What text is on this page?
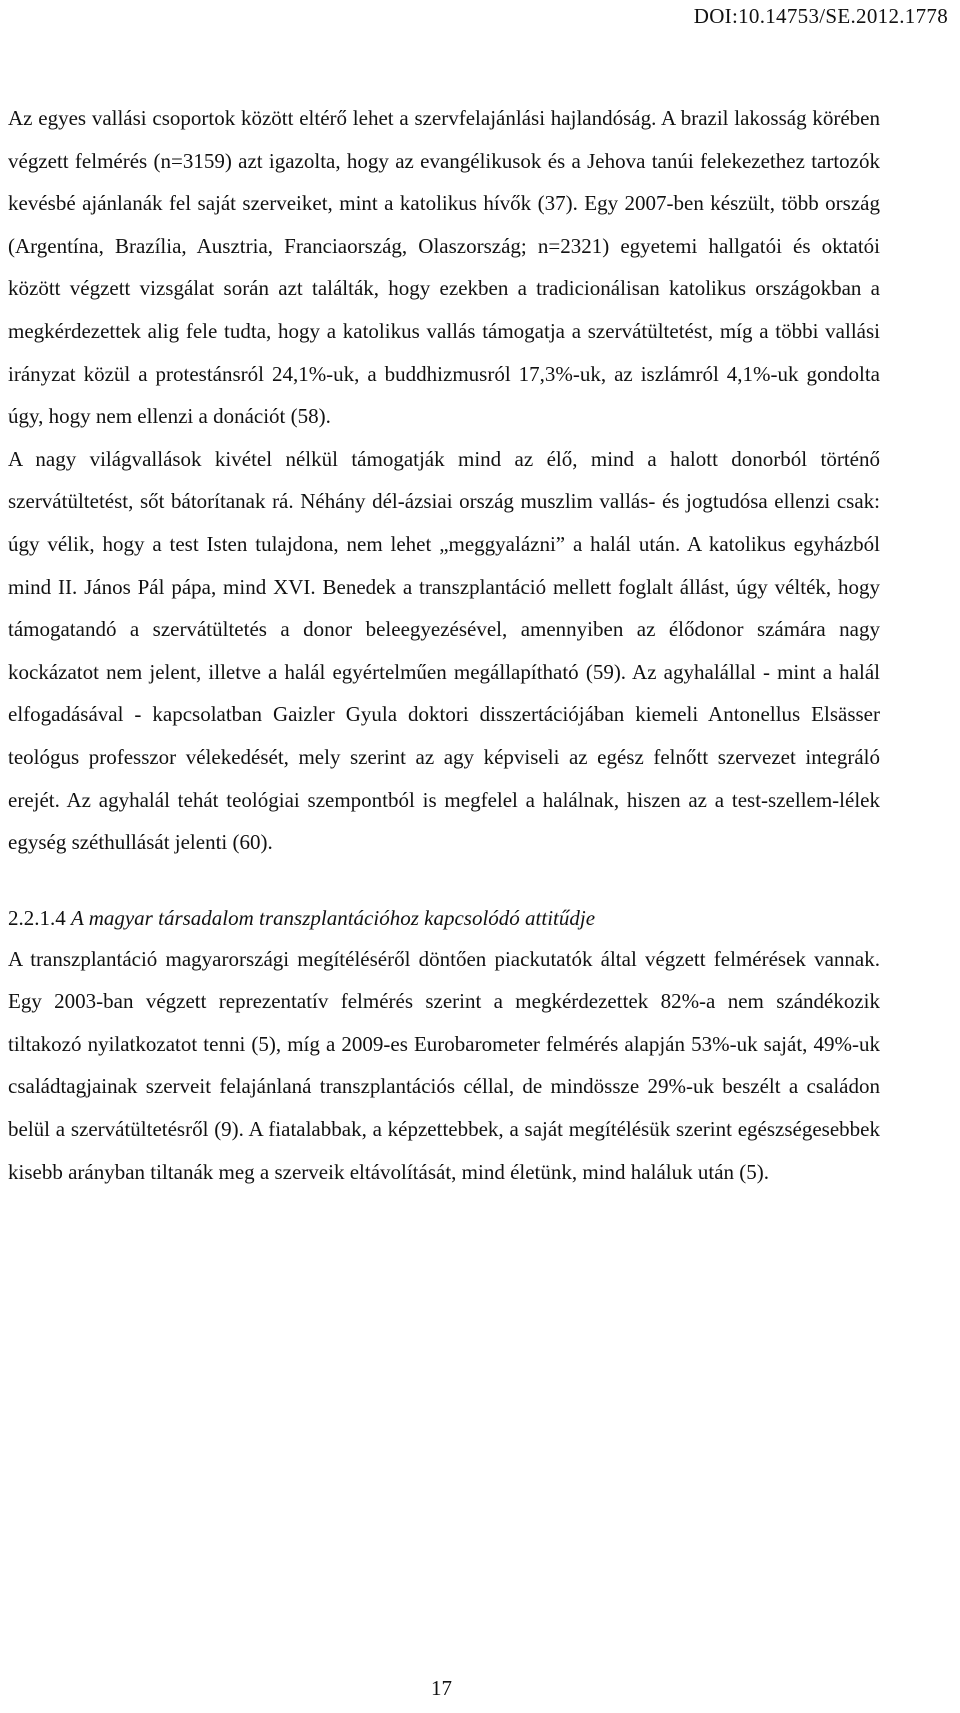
DOI:10.14753/SE.2012.1778

Az egyes vallási csoportok között eltérő lehet a szervfelajánlási hajlandóság. A brazil lakosság körében végzett felmérés (n=3159) azt igazolta, hogy az evangélikusok és a Jehova tanúi felekezethez tartozók kevésbé ajánlanák fel saját szerveiket, mint a katolikus hívők (37). Egy 2007-ben készült, több ország (Argentína, Brazília, Ausztria, Franciaország, Olaszország; n=2321) egyetemi hallgatói és oktatói között végzett vizsgálat során azt találták, hogy ezekben a tradicionálisan katolikus országokban a megkérdezettek alig fele tudta, hogy a katolikus vallás támogatja a szervátültetést, míg a többi vallási irányzat közül a protestánsról 24,1%-uk, a buddhizmusról 17,3%-uk, az iszlámról 4,1%-uk gondolta úgy, hogy nem ellenzi a donációt (58).

A nagy világvallások kivétel nélkül támogatják mind az élő, mind a halott donorból történő szervátültetést, sőt bátorítanak rá. Néhány dél-ázsiai ország muszlim vallás- és jogtudósa ellenzi csak: úgy vélik, hogy a test Isten tulajdona, nem lehet „meggyalázni” a halál után. A katolikus egyházból mind II. János Pál pápa, mind XVI. Benedek a transzplantáció mellett foglalt állást, úgy vélték, hogy támogatandó a szervátültetés a donor beleegyezésével, amennyiben az élődonor számára nagy kockázatot nem jelent, illetve a halál egyértelműen megállapítható (59). Az agyhalállal - mint a halál elfogadásával - kapcsolatban Gaizler Gyula doktori disszertációjában kiemeli Antonellus Elsässer teológus professzor vélekedését, mely szerint az agy képviseli az egész felnőtt szervezet integráló erejét. Az agyhalál tehát teológiai szempontból is megfelel a halálnak, hiszen az a test-szellem-lélek egység széthullását jelenti (60).

2.2.1.4 A magyar társadalom transzplantációhoz kapcsolódó attitűdje

A transzplantáció magyarországi megítéléséről döntően piackutatók által végzett felmérések vannak. Egy 2003-ban végzett reprezentatív felmérés szerint a megkérdezettek 82%-a nem szándékozik tiltakozó nyilatkozatot tenni (5), míg a 2009-es Eurobarometer felmérés alapján 53%-uk saját, 49%-uk családtagjainak szerveit felajánlaná transzplantációs céllal, de mindössze 29%-uk beszélt a családon belül a szervátültetésről (9). A fiatalabbak, a képzettebbek, a saját megítélésük szerint egészségesebbek kisebb arányban tiltanák meg a szerveik eltávolítását, mind életünk, mind haláluk után (5).

17
